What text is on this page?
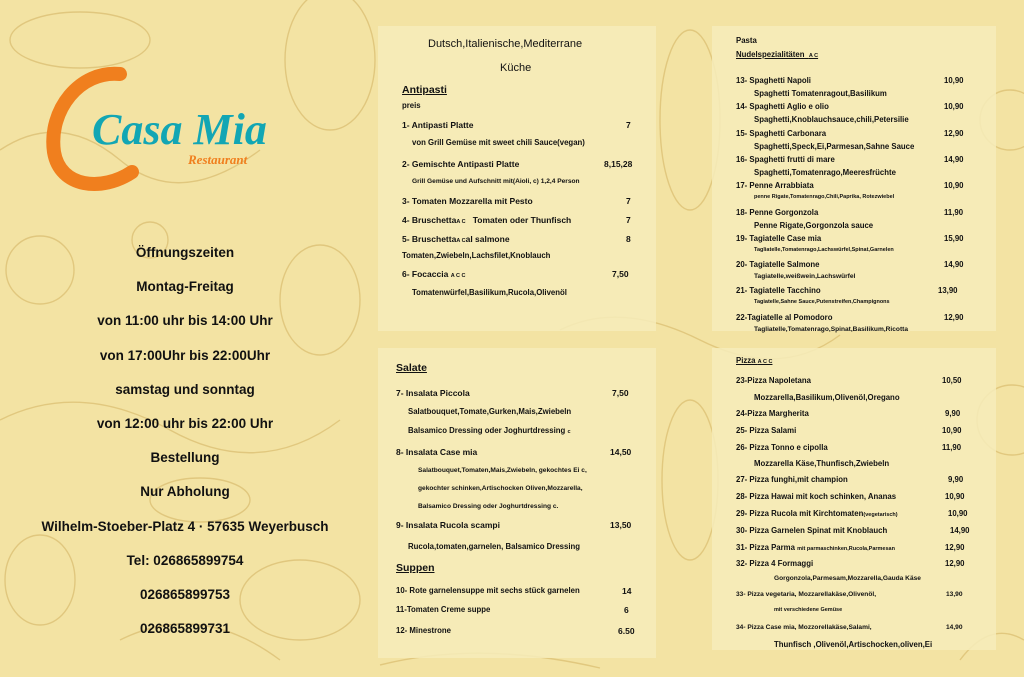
Casa Mia
Restaurant
Öffnungszeiten
Montag-Freitag
von 11:00 uhr bis 14:00 Uhr
von 17:00Uhr bis 22:00Uhr
samstag und sonntag
von 12:00 uhr bis 22:00 Uhr
Bestellung
Nur Abholung
Wilhelm-Stoeber-Platz 4 · 57635 Weyerbusch
Tel: 026865899754
026865899753
026865899731
Dutsch,Italienische,Mediterrane
Küche
Antipasti
preis
1- Antipasti Platte	7
von Grill Gemüse mit sweet chili Sauce(vegan)
2- Gemischte Antipasti Platte	8,15,28
Grill Gemüse und Aufschnitt mit(Aioli, c) 1,2,4 Person
3- Tomaten Mozzarella mit Pesto	7
4- BruschettaA C Tomaten oder Thunfisch	7
5- BruschettaA Cal salmone	8
Tomaten,Zwiebeln,Lachsfilet,Knoblauch
6- Focaccia A C C	7,50
Tomatenwürfel,Basilikum,Rucola,Olivenöl
Salate
7- Insalata Piccola	7,50
Salatbouquet,Tomate,Gurken,Mais,Zwiebeln
Balsamico Dressing oder Joghurtdressing c
8- Insalata Case mia	14,50
Salatbouquet,Tomaten,Mais,Zwiebeln, gekochtes Ei c,
gekochter schinken,Artischocken Oliven,Mozzarella,
Balsamico Dressing oder Joghurtdressing c.
9- Insalata Rucola scampi	13,50
Rucola,tomaten,garnelen, Balsamico Dressing
Suppen
10- Rote garnelensuppe mit sechs stück garnelen	14
11-Tomaten Creme suppe	6
12- Minestrone	6.50
Pasta
Nudelspezialitäten A C
13- Spaghetti Napoli	10,90
Spaghetti Tomatenragout,Basilikum
14- Spaghetti Aglio e olio	10,90
Spaghetti,Knoblauchsauce,chili,Petersilie
15- Spaghetti Carbonara	12,90
Spaghetti,Speck,Ei,Parmesan,Sahne Sauce
16- Spaghetti frutti di mare	14,90
Spaghetti,Tomatenrago,Meeresfrüchte
17- Penne Arrabbiata	10,90
penne Rigate,Tomatenrago,Chili,Paprika, Rotezwiebel
18- Penne Gorgonzola	11,90
Penne Rigate,Gorgonzola sauce
19- Tagiatelle Case mia	15,90
Tagliatelle,Tomatenrago,Lachswürfel,Spinat,Garnelen
20- Tagiatelle Salmone	14,90
Tagiatelle,weißwein,Lachswürfel
21- Tagiatelle Tacchino	13,90
Tagiatelle,Sahne Sauce,Putenstreifen,Champignons
22-Tagiatelle al Pomodoro	12,90
Tagliatelle,Tomatenrago,Spinat,Basilikum,Ricotta
Pizza A C C
23-Pizza Napoletana	10,50
Mozzarella,Basilikum,Olivenöl,Oregano
24-Pizza Margherita	9,90
25- Pizza Salami	10,90
26- Pizza Tonno e cipolla	11,90
Mozzarella Käse,Thunfisch,Zwiebeln
27- Pizza funghi,mit champion	9,90
28- Pizza Hawai mit koch schinken, Ananas	10,90
29- Pizza Rucola mit Kirchtomaten(vegetarisch)	10,90
30- Pizza Garnelen Spinat mit Knoblauch	14,90
31- Pizza Parma mit parmaschinken,Rucola,Parmesan	12,90
32- Pizza 4 Formaggi	12,90
Gorgonzola,Parmesam,Mozzarella,Gauda Käse
33- Pizza vegetaria, Mozzarellakäse,Olivenöl,	13,90
mit verschiedene Gemüse
34- Pizza Case mia, Mozzorellakäse,Salami,	14,90
Thunfisch ,Olivenöl,Artischocken,oliven,Ei
